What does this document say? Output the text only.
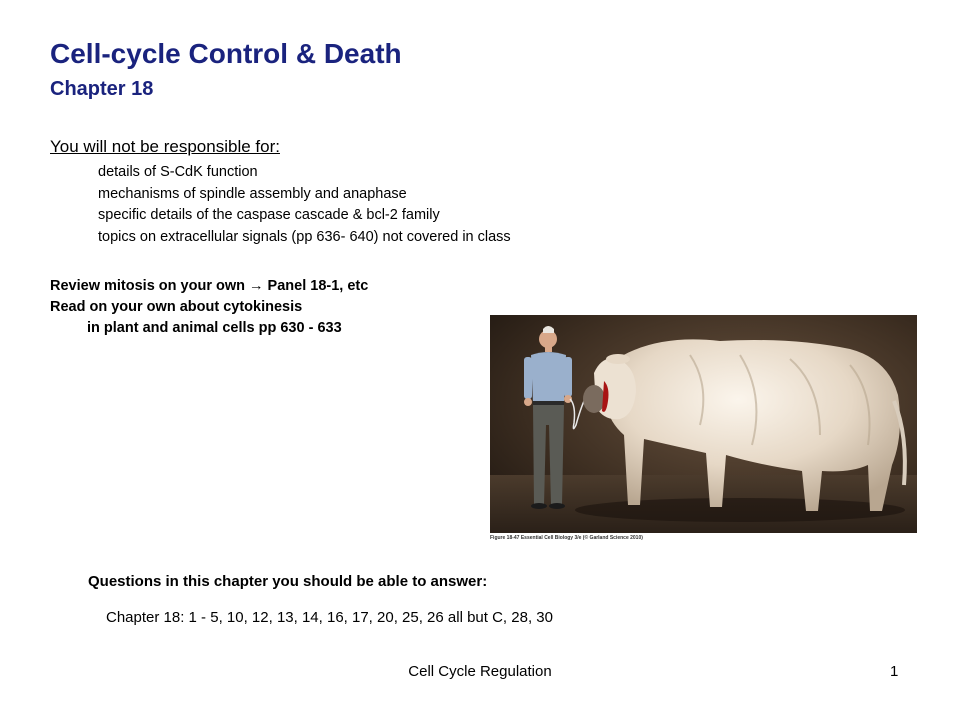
Cell-cycle Control & Death
Chapter 18
You will not be responsible for:
details of S-CdK function
mechanisms of spindle assembly and anaphase
specific details of the caspase cascade & bcl-2 family
topics on extracellular signals (pp 636- 640) not covered in class
Review mitosis on your own → Panel 18-1, etc
Read on your own about cytokinesis
in plant and animal cells pp 630 - 633
Figure 18-47 Essential Cell Biology 3/e (© Garland Science 2010)
Questions in this chapter you should be able to answer:
Chapter 18: 1 - 5, 10, 12, 13, 14, 16, 17, 20, 25, 26 all but C, 28, 30
Cell Cycle Regulation	1
